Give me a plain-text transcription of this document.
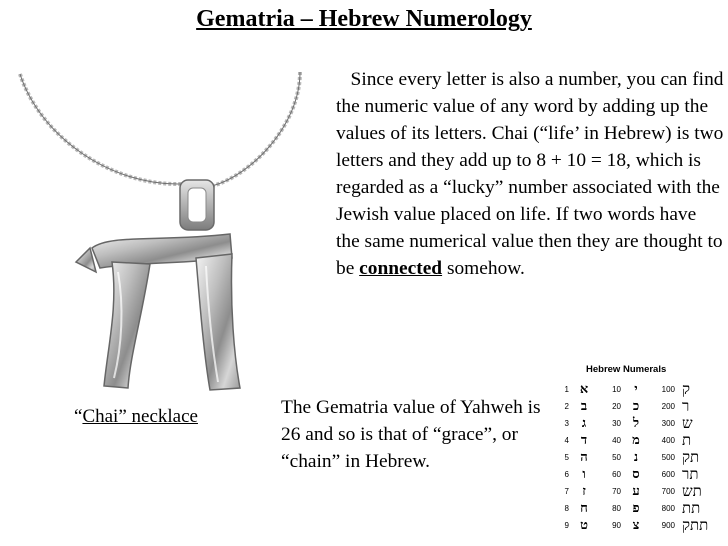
Gematria – Hebrew Numerology

Since every letter is also a number, you can find the numeric value of any word by adding up the values of its letters. Chai (“life’ in Hebrew) is two letters and they add up to 8 + 10 = 18, which is regarded as a “lucky” number associated with the Jewish value placed on life. If two words have the same numerical value then they are thought to be connected somehow.

“Chai” necklace	The Gematria value of Yahweh is 26 and so is that of “grace”, or “chain” in Hebrew.

Hebrew Numerals
1 א	10	י	100 ק
2 ב	20 כ	200 ר
3 ג	30 ל	300 ש
4 ד	40 מ	400 ת
5 ה	50 נ	500 תק
6	ו	60 ס	600 תר
7	ז	70 ע	700 תש
8 ח	80 פ	800 תת
9 ט	90 צ	900 תתק
